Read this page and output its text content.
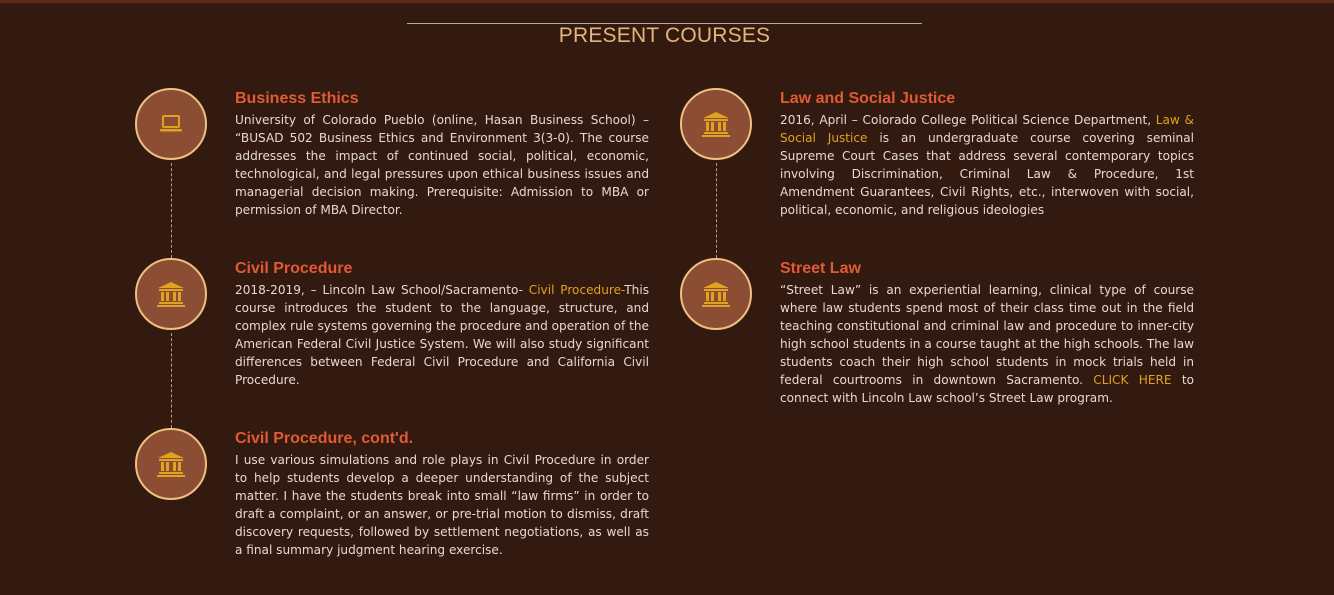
PRESENT COURSES
Business Ethics
University of Colorado Pueblo (online, Hasan Business School) – “BUSAD 502 Business Ethics and Environment 3(3-0). The course addresses the impact of continued social, political, economic, technological, and legal pressures upon ethical business issues and managerial decision making. Prerequisite: Admission to MBA or permission of MBA Director.
Civil Procedure
2018-2019, – Lincoln Law School/Sacramento- Civil Procedure-This course introduces the student to the language, structure, and complex rule systems governing the procedure and operation of the American Federal Civil Justice System. We will also study significant differences between Federal Civil Procedure and California Civil Procedure.
Civil Procedure, cont'd.
I use various simulations and role plays in Civil Procedure in order to help students develop a deeper understanding of the subject matter. I have the students break into small “law firms” in order to draft a complaint, or an answer, or pre-trial motion to dismiss, draft discovery requests, followed by settlement negotiations, as well as a final summary judgment hearing exercise.
Law and Social Justice
2016, April – Colorado College Political Science Department, Law & Social Justice is an undergraduate course covering seminal Supreme Court Cases that address several contemporary topics involving Discrimination, Criminal Law & Procedure, 1st Amendment Guarantees, Civil Rights, etc., interwoven with social, political, economic, and religious ideologies
Street Law
“Street Law” is an experiential learning, clinical type of course where law students spend most of their class time out in the field teaching constitutional and criminal law and procedure to inner-city high school students in a course taught at the high schools. The law students coach their high school students in mock trials held in federal courtrooms in downtown Sacramento. CLICK HERE to connect with Lincoln Law school’s Street Law program.
